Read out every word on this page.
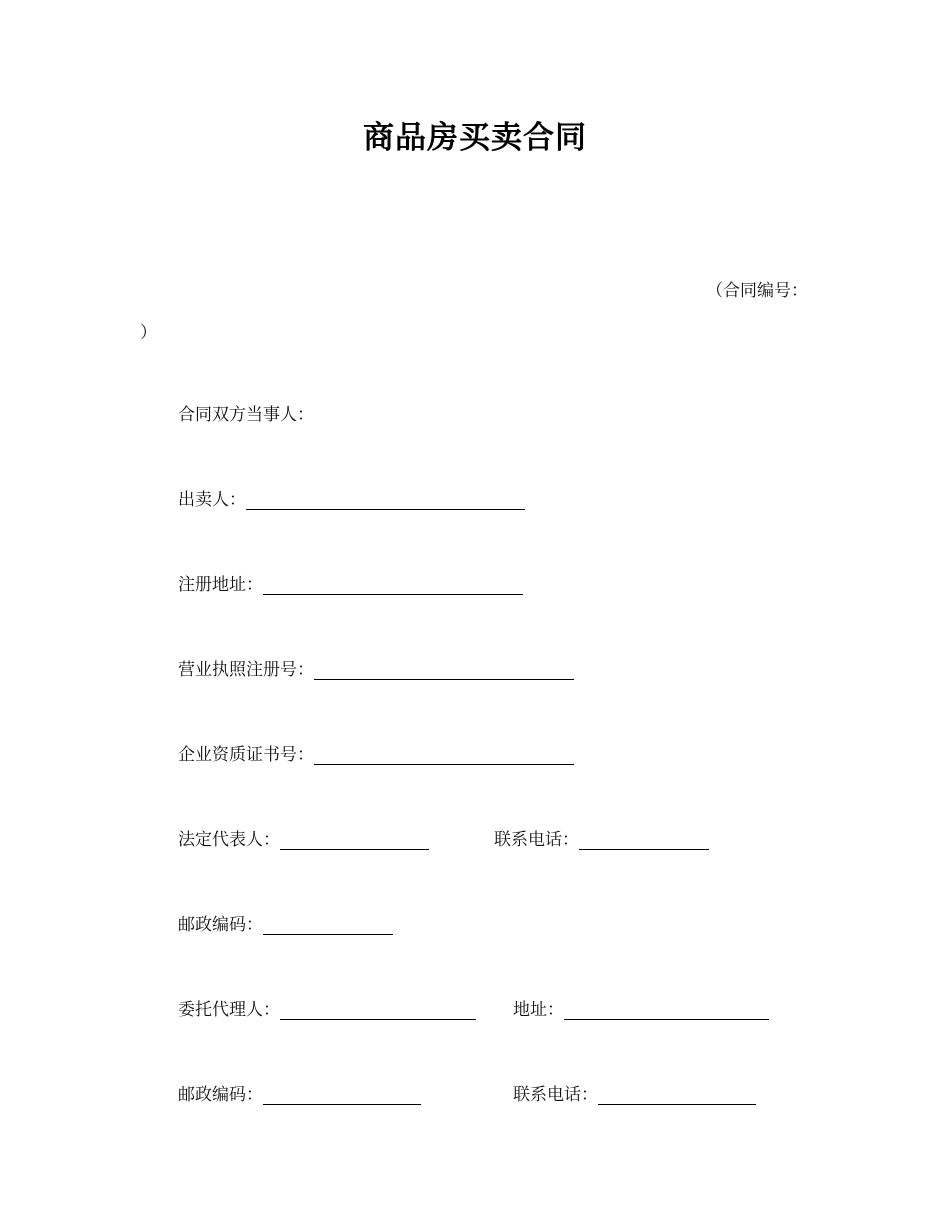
商品房买卖合同
（合同编号：
）
合同双方当事人：
出卖人：
注册地址：
营业执照注册号：
企业资质证书号：
法定代表人：	联系电话：
邮政编码：
委托代理人：	地址：
邮政编码：	联系电话：
